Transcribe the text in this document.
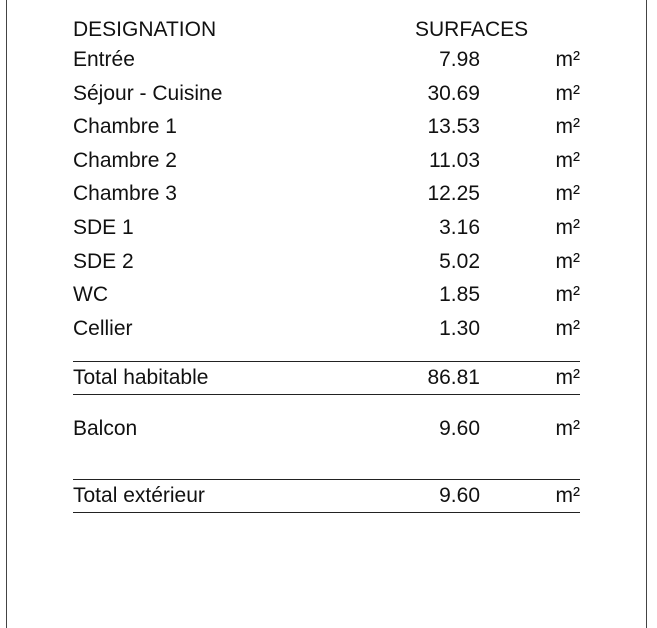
DESIGNATION	SURFACES
Entrée	7.98	m²
Séjour - Cuisine	30.69	m²
Chambre 1	13.53	m²
Chambre 2	11.03	m²
Chambre 3	12.25	m²
SDE 1	3.16	m²
SDE 2	5.02	m²
WC	1.85	m²
Cellier	1.30	m²
Total habitable	86.81	m²
Balcon	9.60	m²
Total extérieur	9.60	m²
